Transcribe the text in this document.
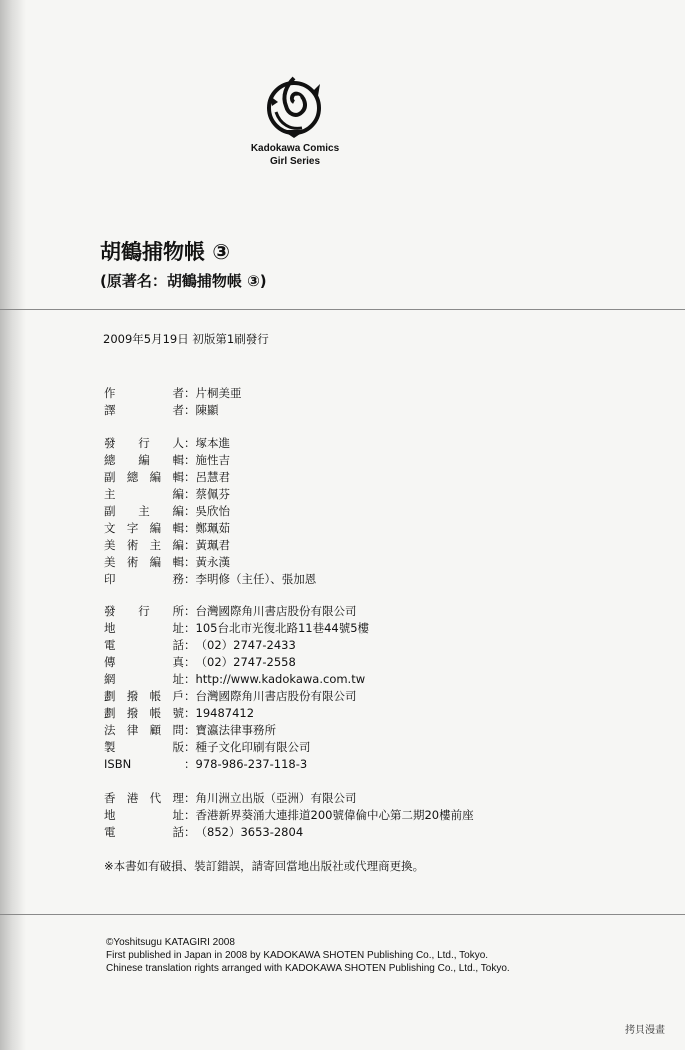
Kadokawa Comics
Girl Series
胡鶴捕物帳 ③
(原著名：胡鶴捕物帳 ③)
2009年5月19日 初版第1刷發行
作者：片桐美亜
譯者：陳顯
發行人：塚本進
總編輯：施性吉
副總編輯：呂慧君
主編：蔡佩芬
副主編：吳欣怡
文字編輯：鄭珮茹
美術主編：黃珮君
美術編輯：黃永漢
印務：李明修（主任）、張加恩
發行所：台灣國際角川書店股份有限公司
地址：105台北市光復北路11巷44號5樓
電話：（02）2747-2433
傳真：（02）2747-2558
網址：http://www.kadokawa.com.tw
劃撥帳戶：台灣國際角川書店股份有限公司
劃撥帳號：19487412
法律顧問：寶瀛法律事務所
製版：種子文化印刷有限公司
ISBN	：978-986-237-118-3
香港代理：角川洲立出版（亞洲）有限公司
地址：香港新界葵涌大連排道200號偉倫中心第二期20樓前座
電話：（852）3653-2804
※本書如有破損、裝訂錯誤，請寄回當地出版社或代理商更換。
©Yoshitsugu KATAGIRI 2008
First published in Japan in 2008 by KADOKAWA SHOTEN Publishing Co., Ltd., Tokyo.
Chinese translation rights arranged with KADOKAWA SHOTEN Publishing Co., Ltd., Tokyo.
拷貝漫畫
